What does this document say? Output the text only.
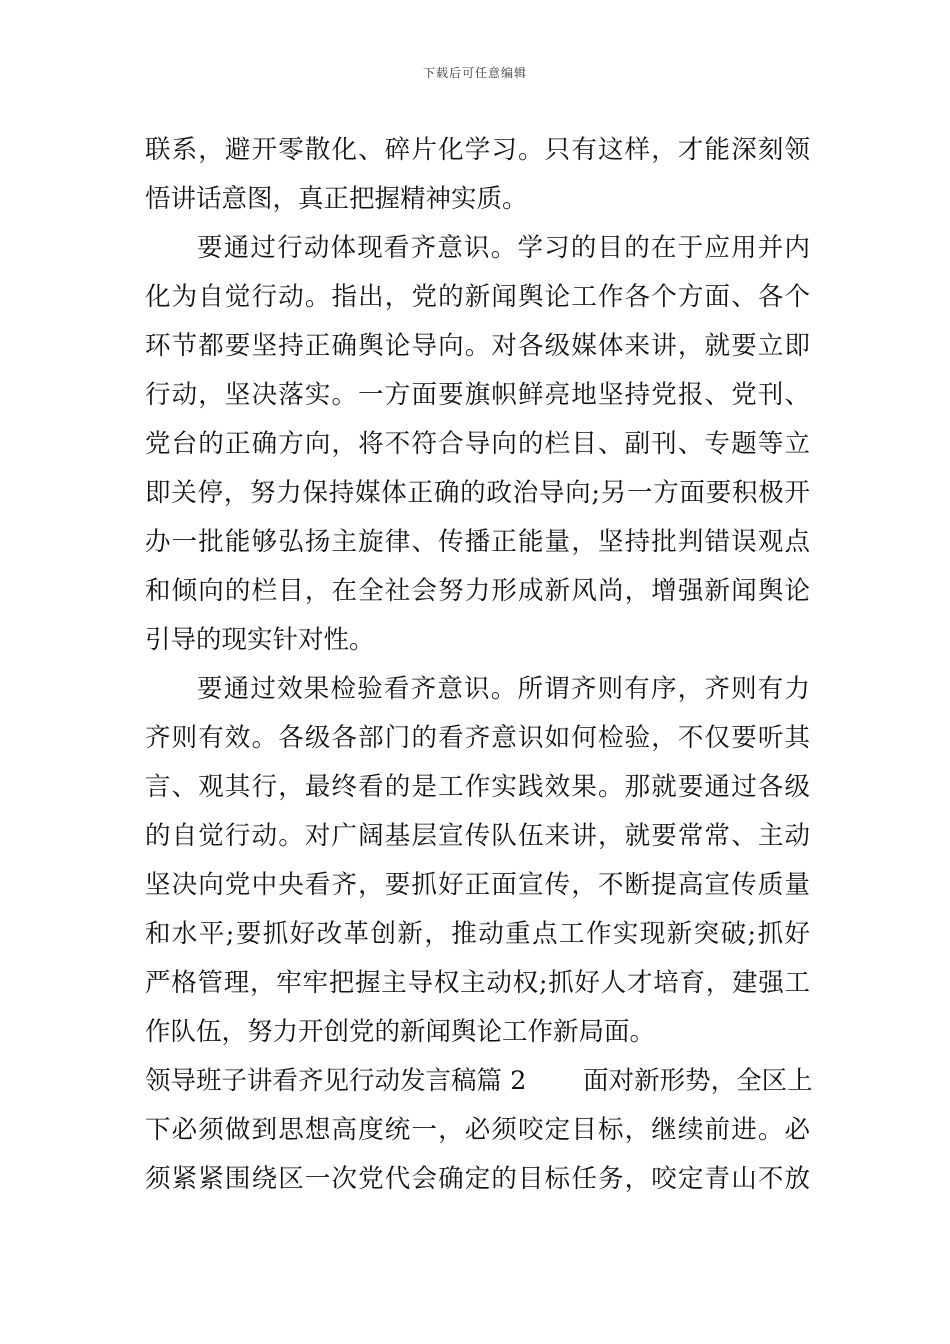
下载后可任意编辑
联系，避开零散化、碎片化学习。只有这样，才能深刻领
悟讲话意图，真正把握精神实质。
要通过行动体现看齐意识。学习的目的在于应用并内
化为自觉行动。指出，党的新闻舆论工作各个方面、各个
环节都要坚持正确舆论导向。对各级媒体来讲，就要立即
行动，坚决落实。一方面要旗帜鲜亮地坚持党报、党刊、
党台的正确方向，将不符合导向的栏目、副刊、专题等立
即关停，努力保持媒体正确的政治导向;另一方面要积极开
办一批能够弘扬主旋律、传播正能量，坚持批判错误观点
和倾向的栏目，在全社会努力形成新风尚，增强新闻舆论
引导的现实针对性。
要通过效果检验看齐意识。所谓齐则有序，齐则有力
齐则有效。各级各部门的看齐意识如何检验，不仅要听其
言、观其行，最终看的是工作实践效果。那就要通过各级
的自觉行动。对广阔基层宣传队伍来讲，就要常常、主动
坚决向党中央看齐，要抓好正面宣传，不断提高宣传质量
和水平;要抓好改革创新，推动重点工作实现新突破;抓好
严格管理，牢牢把握主导权主动权;抓好人才培育，建强工
作队伍，努力开创党的新闻舆论工作新局面。
领导班子讲看齐见行动发言稿篇 2       面对新形势，全区上
下必须做到思想高度统一，必须咬定目标，继续前进。必
须紧紧围绕区一次党代会确定的目标任务，咬定青山不放
